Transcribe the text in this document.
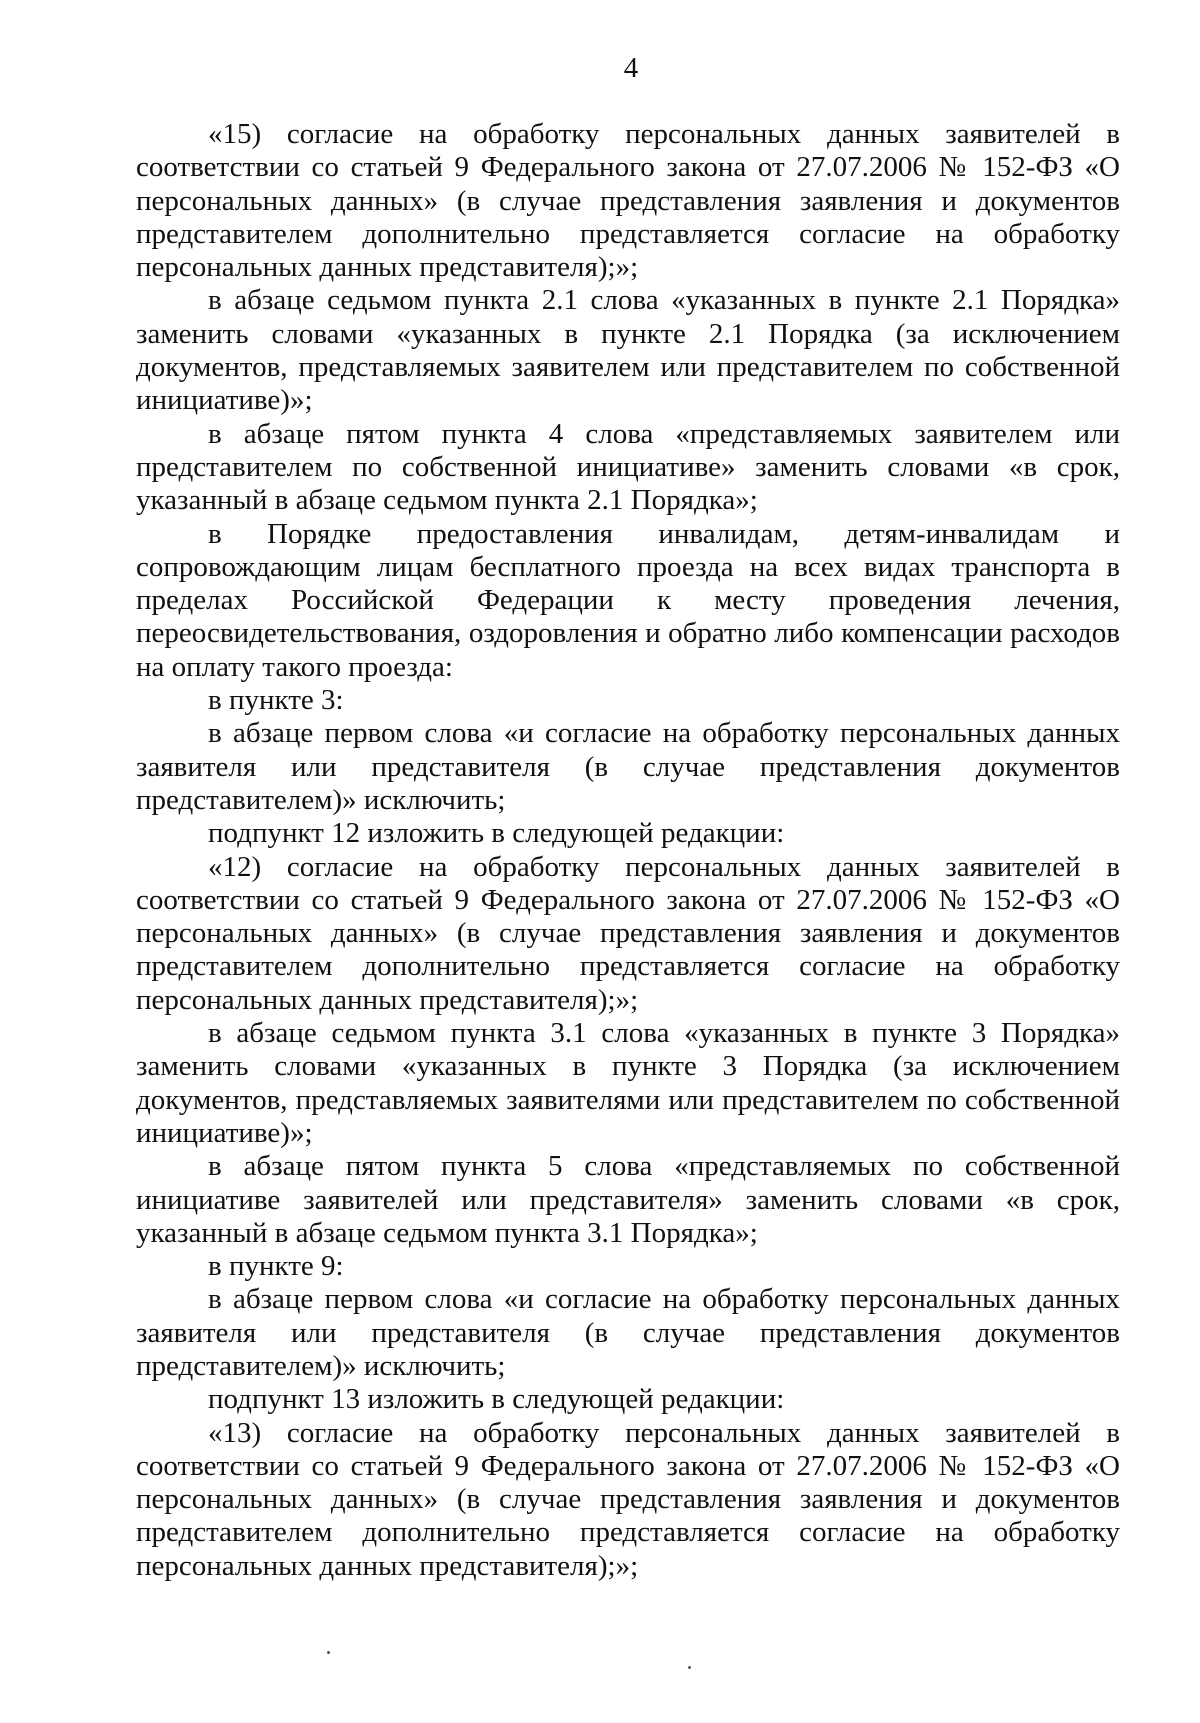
4

«15) согласие на обработку персональных данных заявителей в соответствии со статьей 9 Федерального закона от 27.07.2006 № 152-ФЗ «О персональных данных» (в случае представления заявления и документов представителем дополнительно представляется согласие на обработку персональных данных представителя);»;

в абзаце седьмом пункта 2.1 слова «указанных в пункте 2.1 Порядка» заменить словами «указанных в пункте 2.1 Порядка (за исключением документов, представляемых заявителем или представителем по собственной инициативе)»;

в абзаце пятом пункта 4 слова «представляемых заявителем или представителем по собственной инициативе» заменить словами «в срок, указанный в абзаце седьмом пункта 2.1 Порядка»;

в Порядке предоставления инвалидам, детям-инвалидам и сопровождающим лицам бесплатного проезда на всех видах транспорта в пределах Российской Федерации к месту проведения лечения, переосвидетельствования, оздоровления и обратно либо компенсации расходов на оплату такого проезда:

в пункте 3:

в абзаце первом слова «и согласие на обработку персональных данных заявителя или представителя (в случае представления документов представителем)» исключить;

подпункт 12 изложить в следующей редакции:

«12) согласие на обработку персональных данных заявителей в соответствии со статьей 9 Федерального закона от 27.07.2006 № 152-ФЗ «О персональных данных» (в случае представления заявления и документов представителем дополнительно представляется согласие на обработку персональных данных представителя);»;

в абзаце седьмом пункта 3.1 слова «указанных в пункте 3 Порядка» заменить словами «указанных в пункте 3 Порядка (за исключением документов, представляемых заявителями или представителем по собственной инициативе)»;

в абзаце пятом пункта 5 слова «представляемых по собственной инициативе заявителей или представителя» заменить словами «в срок, указанный в абзаце седьмом пункта 3.1 Порядка»;

в пункте 9:

в абзаце первом слова «и согласие на обработку персональных данных заявителя или представителя (в случае представления документов представителем)» исключить;

подпункт 13 изложить в следующей редакции:

«13) согласие на обработку персональных данных заявителей в соответствии со статьей 9 Федерального закона от 27.07.2006 № 152-ФЗ «О персональных данных» (в случае представления заявления и документов представителем дополнительно представляется согласие на обработку персональных данных представителя);»;
